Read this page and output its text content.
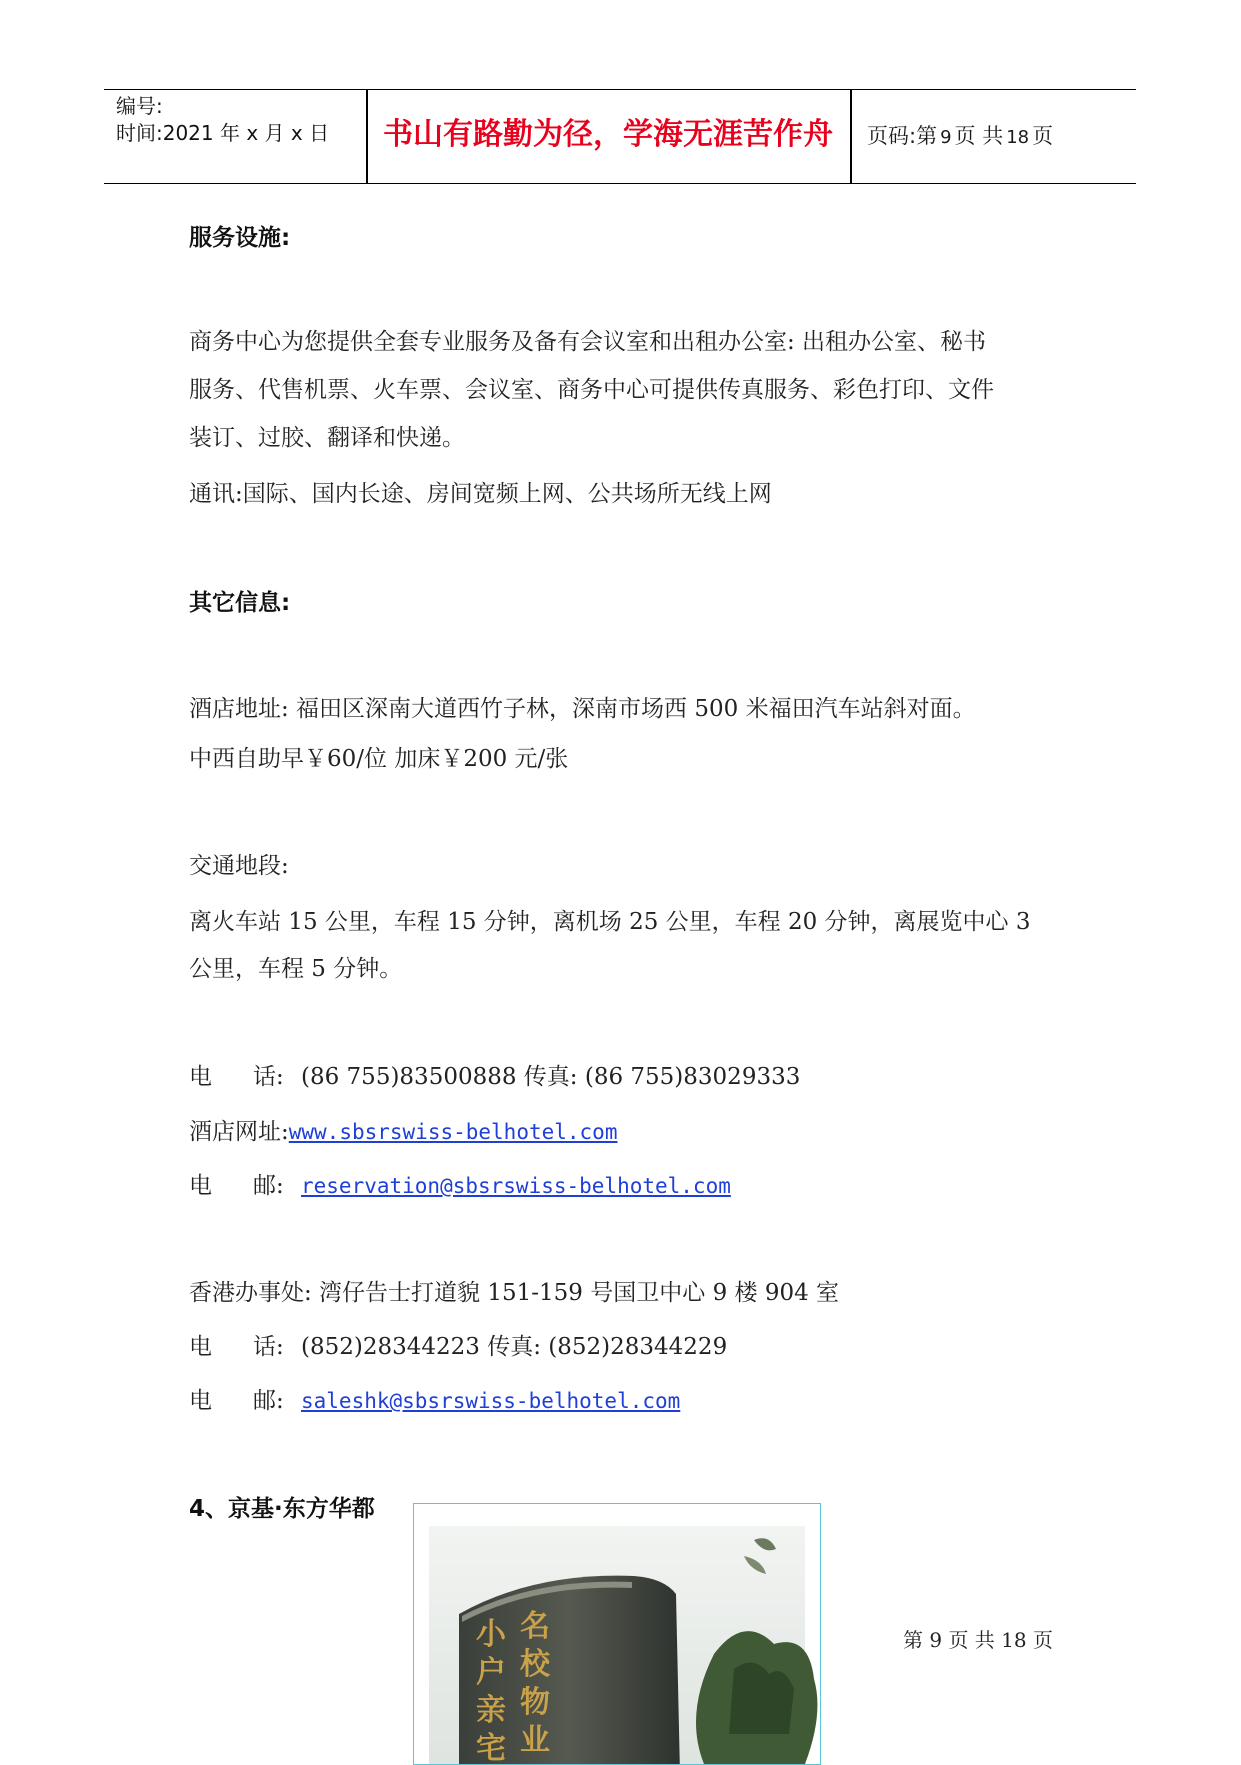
编号:
时间:2021 年 x 月 x 日	书山有路勤为径，学海无涯苦作舟	页码:第 9 页 共 18 页
服务设施:
商务中心为您提供全套专业服务及备有会议室和出租办公室: 出租办公室、秘书
服务、代售机票、火车票、会议室、商务中心可提供传真服务、彩色打印、文件
装订、过胶、翻译和快递。
通讯:国际、国内长途、房间宽频上网、公共场所无线上网
其它信息:
酒店地址: 福田区深南大道西竹子林，深南市场西 500 米福田汽车站斜对面。
中西自助早￥60/位 加床￥200 元/张
交通地段:
离火车站 15 公里，车程 15 分钟，离机场 25 公里，车程 20 分钟，离展览中心 3
公里，车程 5 分钟。
电 话: (86 755)83500888 传真: (86 755)83029333
酒店网址:www.sbsrswiss-belhotel.com
电 邮: reservation@sbsrswiss-belhotel.com
香港办事处: 湾仔告士打道貌 151-159 号国卫中心 9 楼 904 室
电 话: (852)28344223 传真: (852)28344229
电 邮: saleshk@sbsrswiss-belhotel.com
4、京基·东方华都
小 名户 校亲 物宅 业
第 9 页 共 18 页
